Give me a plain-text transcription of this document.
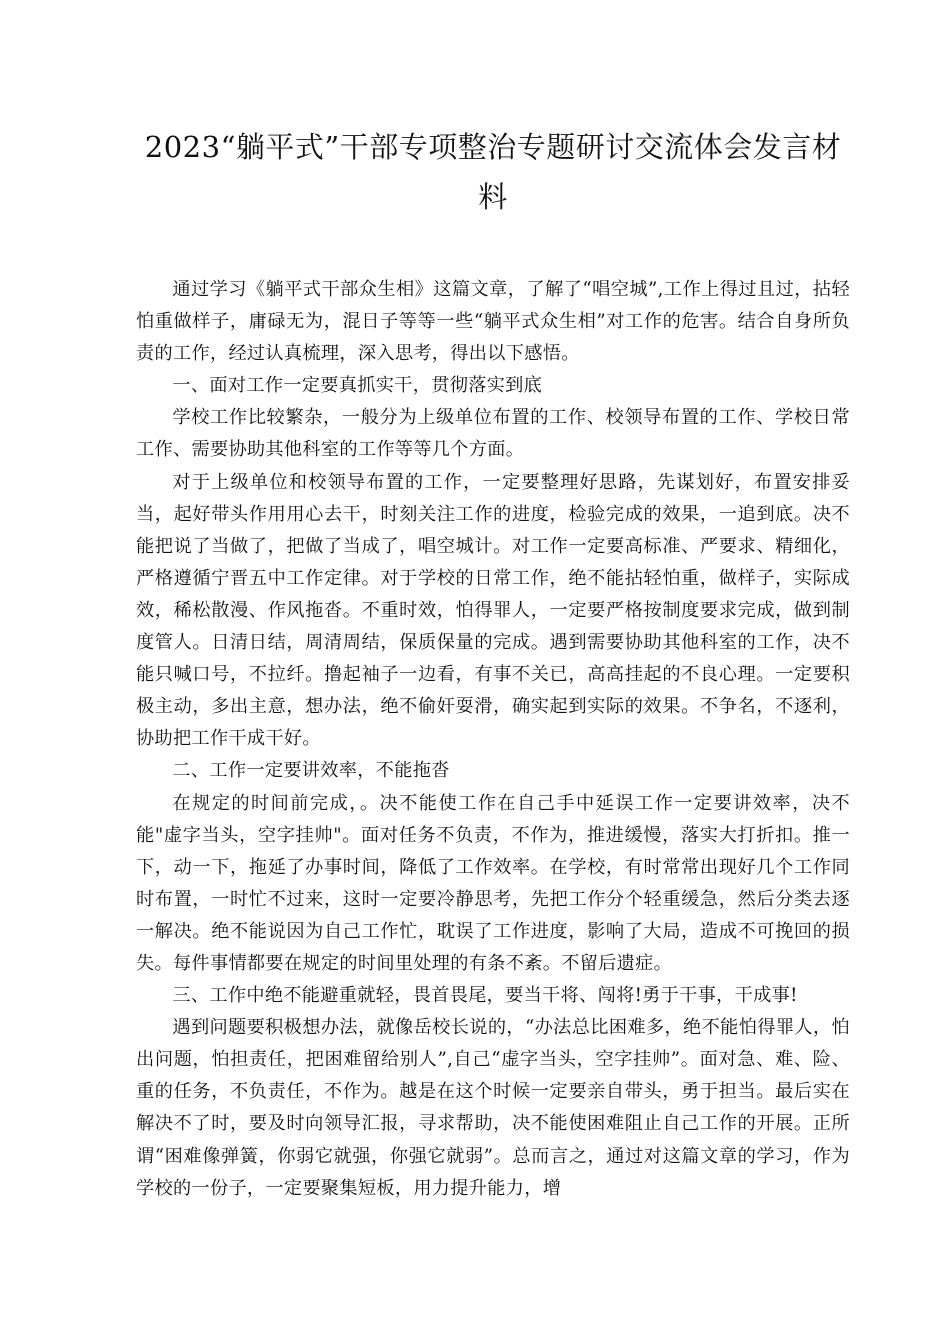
2023“躺平式”干部专项整治专题研讨交流体会发言材料

通过学习《躺平式干部众生相》这篇文章，了解了“唱空城”,工作上得过且过，拈轻怕重做样子，庸碌无为，混日子等等一些“躺平式众生相”对工作的危害。结合自身所负责的工作，经过认真梳理，深入思考，得出以下感悟。

一、面对工作一定要真抓实干，贯彻落实到底

学校工作比较繁杂，一般分为上级单位布置的工作、校领导布置的工作、学校日常工作、需要协助其他科室的工作等等几个方面。

对于上级单位和校领导布置的工作，一定要整理好思路，先谋划好，布置安排妥当，起好带头作用用心去干，时刻关注工作的进度，检验完成的效果，一追到底。决不能把说了当做了，把做了当成了，唱空城计。对工作一定要高标准、严要求、精细化，严格遵循宁晋五中工作定律。对于学校的日常工作，绝不能拈轻怕重，做样子，实际成效，稀松散漫、作风拖沓。不重时效，怕得罪人，一定要严格按制度要求完成，做到制度管人。日清日结，周清周结，保质保量的完成。遇到需要协助其他科室的工作，决不能只喊口号，不拉纤。撸起袖子一边看，有事不关已，高高挂起的不良心理。一定要积极主动，多出主意，想办法，绝不偷奸耍滑，确实起到实际的效果。不争名，不逐利，协助把工作干成干好。

二、工作一定要讲效率，不能拖沓

在规定的时间前完成，。决不能使工作在自己手中延误工作一定要讲效率，决不能"虚字当头，空字挂帅"。面对任务不负责，不作为，推进缓慢，落实大打折扣。推一下，动一下，拖延了办事时间，降低了工作效率。在学校，有时常常出现好几个工作同时布置，一时忙不过来，这时一定要冷静思考，先把工作分个轻重缓急，然后分类去逐一解决。绝不能说因为自己工作忙，耽误了工作进度，影响了大局，造成不可挽回的损失。每件事情都要在规定的时间里处理的有条不紊。不留后遗症。

三、工作中绝不能避重就轻，畏首畏尾，要当干将、闯将!勇于干事，干成事!

遇到问题要积极想办法，就像岳校长说的，“办法总比困难多，绝不能怕得罪人，怕出问题，怕担责任，把困难留给别人”,自己“虚字当头，空字挂帅”。面对急、难、险、重的任务，不负责任，不作为。越是在这个时候一定要亲自带头，勇于担当。最后实在解决不了时，要及时向领导汇报，寻求帮助，决不能使困难阻止自己工作的开展。正所谓“困难像弹簧，你弱它就强，你强它就弱”。总而言之，通过对这篇文章的学习，作为学校的一份子，一定要聚集短板，用力提升能力，增
